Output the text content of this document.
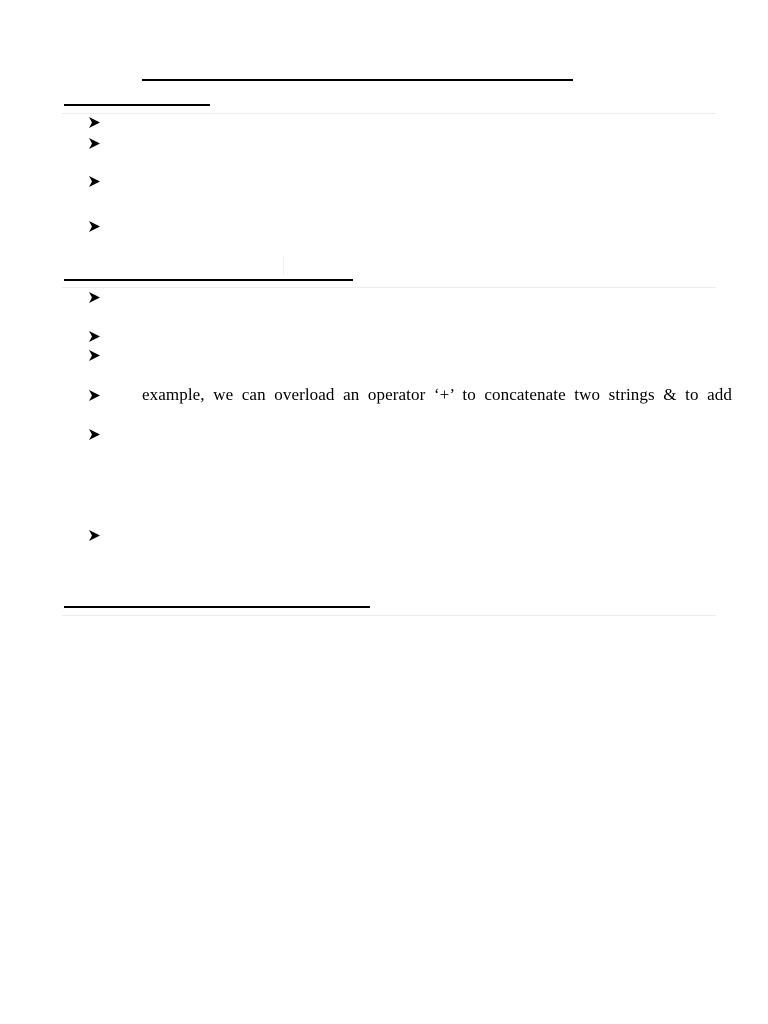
example, we can overload an operator ‘+’ to concatenate two strings & to add
